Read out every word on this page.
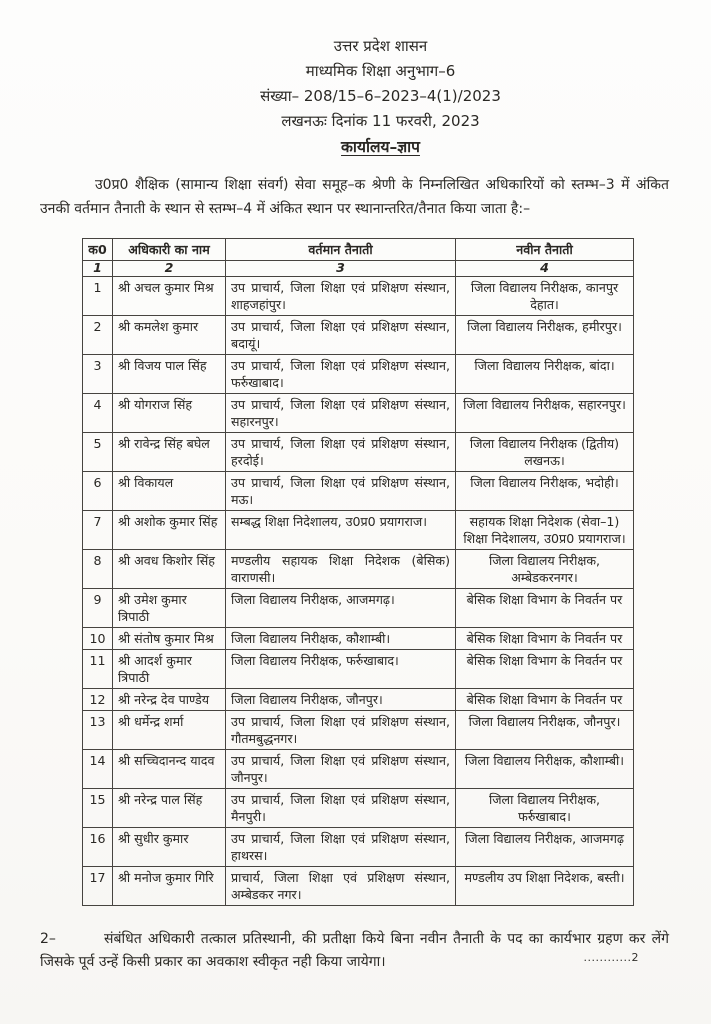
उत्तर प्रदेश शासन
माध्यमिक शिक्षा अनुभाग–6
संख्या– 208/15–6–2023–4(1)/2023
लखनऊः दिनांक 11 फरवरी, 2023
कार्यालय–ज्ञाप

उ0प्र0 शैक्षिक (सामान्य शिक्षा संवर्ग) सेवा समूह–क श्रेणी के निम्नलिखित अधिकारियों को स्तम्भ–3 में अंकित उनकी वर्तमान तैनाती के स्थान से स्तम्भ–4 में अंकित स्थान पर स्थानान्तरित/तैनात किया जाता है:–

क0	अधिकारी का नाम	वर्तमान तैनाती	नवीन तैनाती
1	2	3	4
1	श्री अचल कुमार मिश्र	उप प्राचार्य, जिला शिक्षा एवं प्रशिक्षण संस्थान, शाहजहांपुर।	जिला विद्यालय निरीक्षक, कानपुर देहात।
2	श्री कमलेश कुमार	उप प्राचार्य, जिला शिक्षा एवं प्रशिक्षण संस्थान, बदायूं।	जिला विद्यालय निरीक्षक, हमीरपुर।
3	श्री विजय पाल सिंह	उप प्राचार्य, जिला शिक्षा एवं प्रशिक्षण संस्थान, फर्रुखाबाद।	जिला विद्यालय निरीक्षक, बांदा।
4	श्री योगराज सिंह	उप प्राचार्य, जिला शिक्षा एवं प्रशिक्षण संस्थान, सहारनपुर।	जिला विद्यालय निरीक्षक, सहारनपुर।
5	श्री रावेन्द्र सिंह बघेल	उप प्राचार्य, जिला शिक्षा एवं प्रशिक्षण संस्थान, हरदोई।	जिला विद्यालय निरीक्षक (द्वितीय) लखनऊ।
6	श्री विकायल	उप प्राचार्य, जिला शिक्षा एवं प्रशिक्षण संस्थान, मऊ।	जिला विद्यालय निरीक्षक, भदोही।
7	श्री अशोक कुमार सिंह	सम्बद्ध शिक्षा निदेशालय, उ0प्र0 प्रयागराज।	सहायक शिक्षा निदेशक (सेवा–1) शिक्षा निदेशालय, उ0प्र0 प्रयागराज।
8	श्री अवध किशोर सिंह	मण्डलीय सहायक शिक्षा निदेशक (बेसिक) वाराणसी।	जिला विद्यालय निरीक्षक, अम्बेडकरनगर।
9	श्री उमेश कुमार त्रिपाठी	जिला विद्यालय निरीक्षक, आजमगढ़।	बेसिक शिक्षा विभाग के निवर्तन पर
10	श्री संतोष कुमार मिश्र	जिला विद्यालय निरीक्षक, कौशाम्बी।	बेसिक शिक्षा विभाग के निवर्तन पर
11	श्री आदर्श कुमार त्रिपाठी	जिला विद्यालय निरीक्षक, फर्रुखाबाद।	बेसिक शिक्षा विभाग के निवर्तन पर
12	श्री नरेन्द्र देव पाण्डेय	जिला विद्यालय निरीक्षक, जौनपुर।	बेसिक शिक्षा विभाग के निवर्तन पर
13	श्री धर्मेन्द्र शर्मा	उप प्राचार्य, जिला शिक्षा एवं प्रशिक्षण संस्थान, गौतमबुद्धनगर।	जिला विद्यालय निरीक्षक, जौनपुर।
14	श्री सच्चिदानन्द यादव	उप प्राचार्य, जिला शिक्षा एवं प्रशिक्षण संस्थान, जौनपुर।	जिला विद्यालय निरीक्षक, कौशाम्बी।
15	श्री नरेन्द्र पाल सिंह	उप प्राचार्य, जिला शिक्षा एवं प्रशिक्षण संस्थान, मैनपुरी।	जिला विद्यालय निरीक्षक, फर्रुखाबाद।
16	श्री सुधीर कुमार	उप प्राचार्य, जिला शिक्षा एवं प्रशिक्षण संस्थान, हाथरस।	जिला विद्यालय निरीक्षक, आजमगढ़
17	श्री मनोज कुमार गिरि	प्राचार्य, जिला शिक्षा एवं प्रशिक्षण संस्थान, अम्बेडकर नगर।	मण्डलीय उप शिक्षा निदेशक, बस्ती।

2–	संबंधित अधिकारी तत्काल प्रतिस्थानी, की प्रतीक्षा किये बिना नवीन तैनाती के पद का कार्यभार ग्रहण कर लेंगे जिसके पूर्व उन्हें किसी प्रकार का अवकाश स्वीकृत नही किया जायेगा।	............2
